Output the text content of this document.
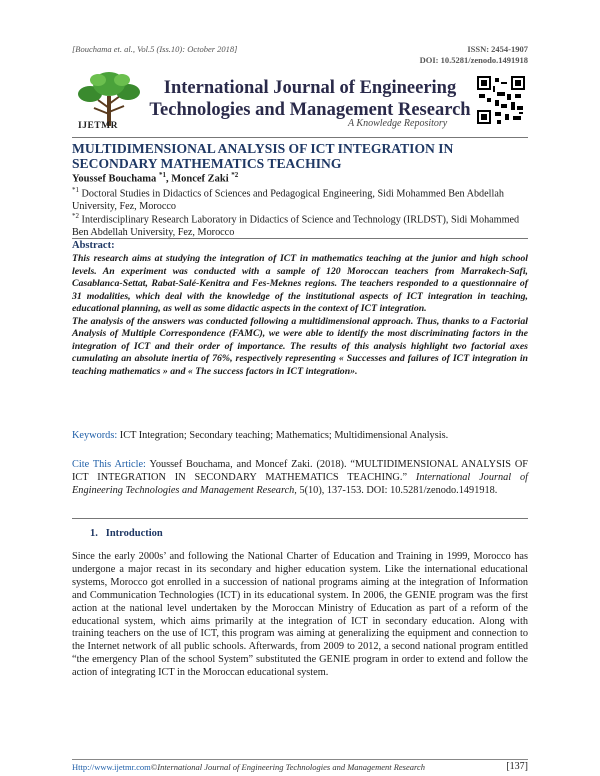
[Bouchama et. al., Vol.5 (Iss.10): October 2018]	ISSN: 2454-1907
DOI: 10.5281/zenodo.1491918
IJETMR
International Journal of Engineering
Technologies and Management Research
A Knowledge Repository
MULTIDIMENSIONAL ANALYSIS OF ICT INTEGRATION IN SECONDARY MATHEMATICS TEACHING
Youssef Bouchama $^{*1}$, Moncef Zaki $^{*2}$
$^{*1}$ Doctoral Studies in Didactics of Sciences and Pedagogical Engineering, Sidi Mohammed Ben Abdellah University, Fez, Morocco
$^{*2}$ Interdisciplinary Research Laboratory in Didactics of Science and Technology (IRLDST), Sidi Mohammed Ben Abdellah University, Fez, Morocco
Abstract:

This research aims at studying the integration of ICT in mathematics teaching at the junior and high school levels. An experiment was conducted with a sample of 120 Moroccan teachers from Marrakech-Safi, Casablanca-Settat, Rabat-Salé-Kenitra and Fes-Meknes regions. The teachers responded to a questionnaire of 31 modalities, which deal with the knowledge of the institutional aspects of ICT integration in teaching, educational planning, as well as some didactic aspects in the context of ICT integration.

The analysis of the answers was conducted following a multidimensional approach. Thus, thanks to a Factorial Analysis of Multiple Correspondence (FAMC), we were able to identify the most discriminating factors in the integration of ICT and their order of importance. The results of this analysis highlight two factorial axes cumulating an absolute inertia of 76%, respectively representing « Successes and failures of ICT integration in teaching mathematics » and « The success factors in ICT integration».

Keywords: ICT Integration; Secondary teaching; Mathematics; Multidimensional Analysis.
Cite This Article: Youssef Bouchama, and Moncef Zaki. (2018). “MULTIDIMENSIONAL ANALYSIS OF ICT INTEGRATION IN SECONDARY MATHEMATICS TEACHING.” International Journal of Engineering Technologies and Management Research, 5(10), 137-153. DOI: 10.5281/zenodo.1491918.
1. Introduction
Since the early 2000s’ and following the National Charter of Education and Training in 1999, Morocco has undergone a major recast in its secondary and higher education system. Like the international educational systems, Morocco got enrolled in a succession of national programs aiming at the integration of Information and Communication Technologies (ICT) in its educational system. In 2006, the GENIE program was the first action at the national level undertaken by the Moroccan Ministry of Education as part of a reform of the educational system, which aims primarily at the integration of ICT in secondary education. Along with training teachers on the use of ICT, this program was aiming at generalizing the equipment and connection to the Internet network of all public schools. Afterwards, from 2009 to 2012, a second national program entitled “the emergency Plan of the school System” substituted the GENIE program in order to extend and follow the action of integrating ICT in the Moroccan educational system.
Http://www.ijetmr.com©International Journal of Engineering Technologies and Management Research	[137]
